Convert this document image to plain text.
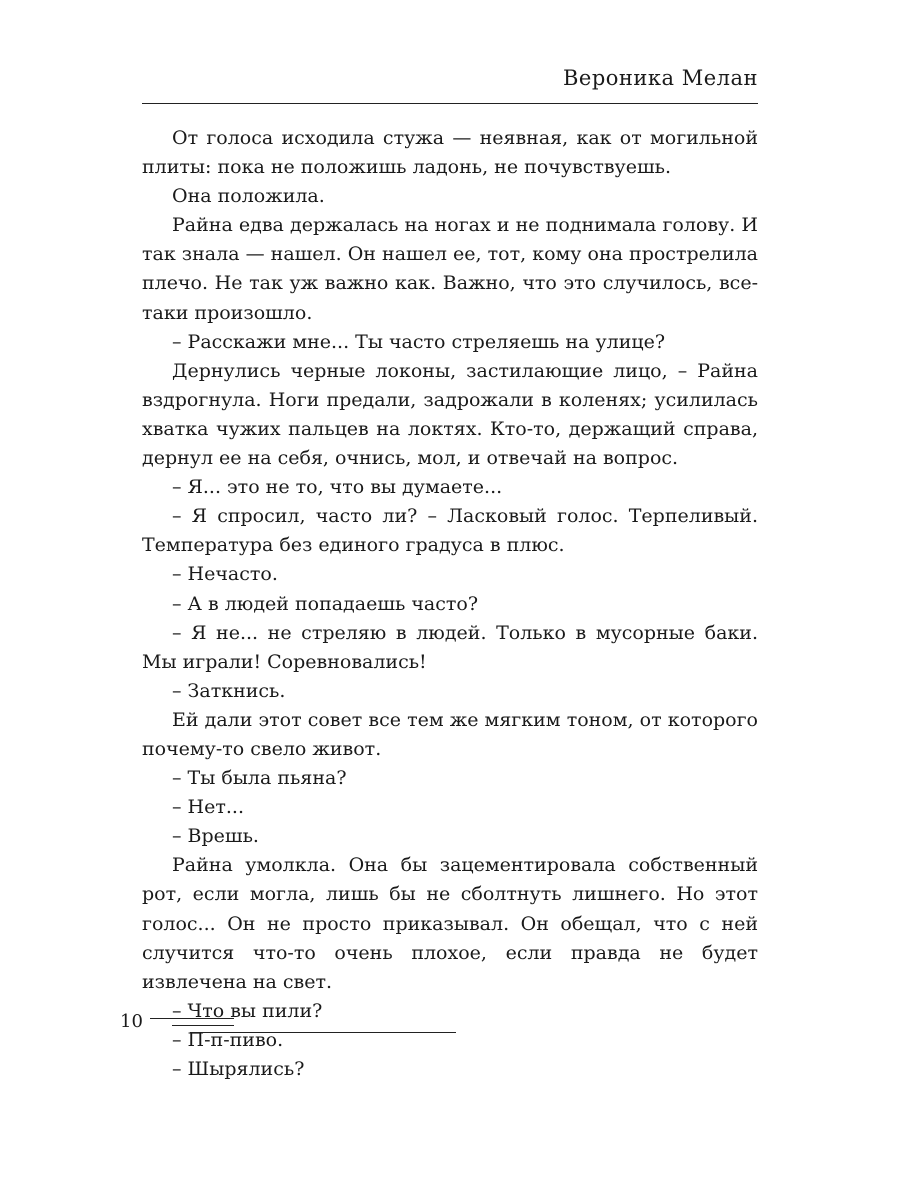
Вероника Мелан

От голоса исходила стужа — неявная, как от могильной плиты: пока не положишь ладонь, не почувствуешь.

Она положила.

Райна едва держалась на ногах и не поднимала голову. И так знала — нашел. Он нашел ее, тот, кому она прострелила плечо. Не так уж важно как. Важно, что это случилось, все-таки произошло.

– Расскажи мне... Ты часто стреляешь на улице?

Дернулись черные локоны, застилающие лицо, – Райна вздрогнула. Ноги предали, задрожали в коленях; усилилась хватка чужих пальцев на локтях. Кто-то, держащий справа, дернул ее на себя, очнись, мол, и отвечай на вопрос.

– Я... это не то, что вы думаете...

– Я спросил, часто ли? – Ласковый голос. Терпеливый. Температура без единого градуса в плюс.

– Нечасто.

– А в людей попадаешь часто?

– Я не... не стреляю в людей. Только в мусорные баки. Мы играли! Соревновались!

– Заткнись.

Ей дали этот совет все тем же мягким тоном, от которого почему-то свело живот.

– Ты была пьяна?

– Нет...

– Врешь.

Райна умолкла. Она бы зацементировала собственный рот, если могла, лишь бы не сболтнуть лишнего. Но этот голос... Он не просто приказывал. Он обещал, что с ней случится что-то очень плохое, если правда не будет извлечена на свет.

– Что вы пили?

– П-п-пиво.

– Шырялись?

10
